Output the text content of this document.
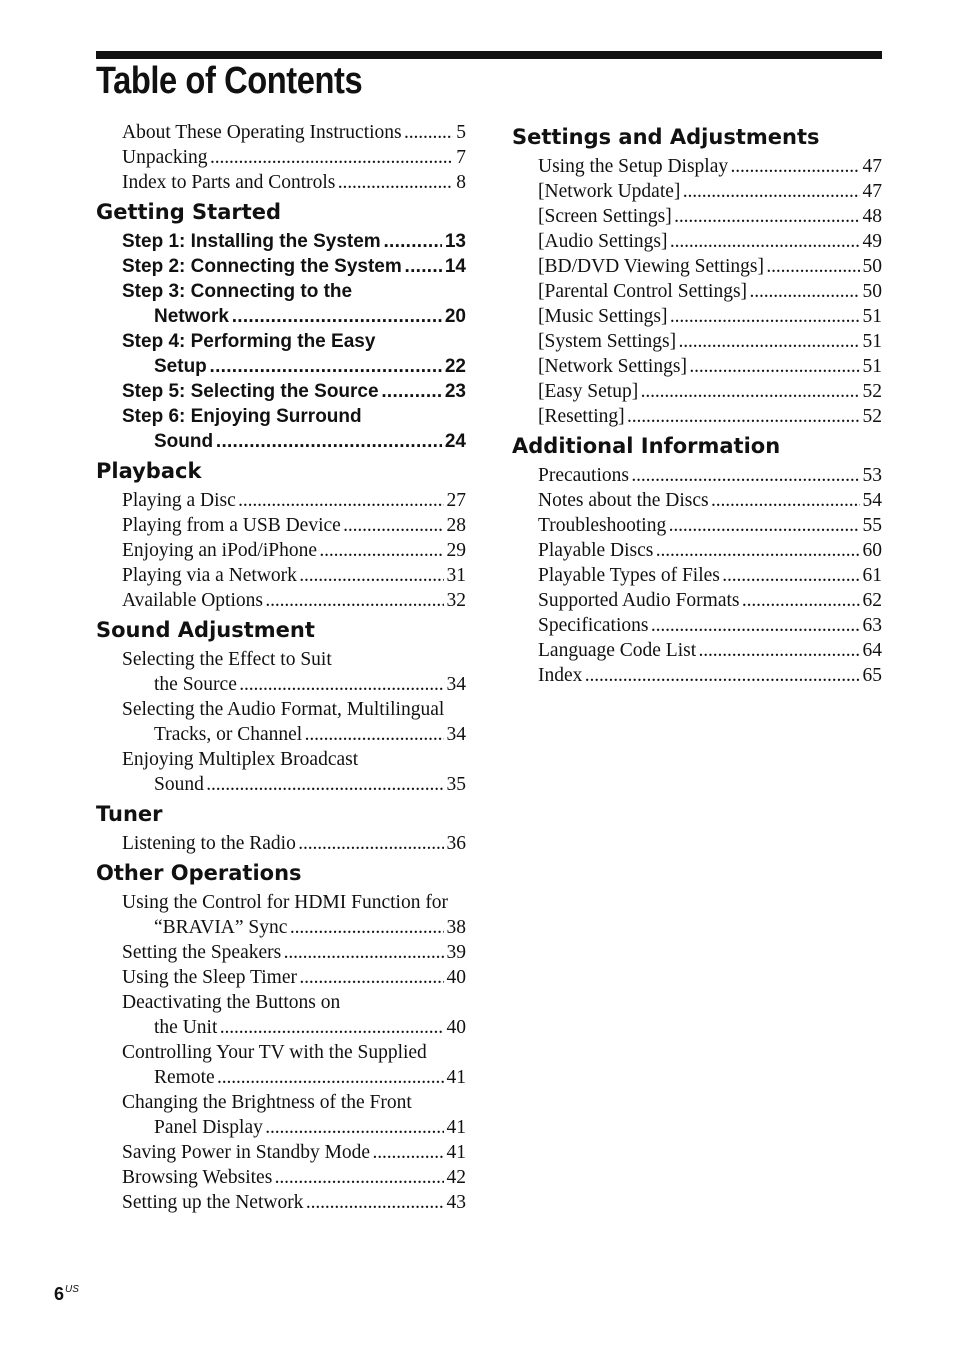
Table of Contents
About These Operating Instructions	5
. . .
Unpacking	7
. . .
Index to Parts and Controls	8
. . .
Getting Started
Step 1: Installing the System	13
. . .
Step 2: Connecting the System 14
. . .
Step 3: Connecting to the
Network	20
. . .
Step 4: Performing the Easy
Setup	22
. . .
Step 5: Selecting the Source	23
. . .
Step 6: Enjoying Surround
Sound	24
. . .
Playback
Playing a Disc	27
. . .
Playing from a USB Device	28
. . .
Enjoying an iPod/iPhone	29
. . .
Playing via a Network	31
. . .
Available Options	32
. . .
Sound Adjustment
Selecting the Effect to Suit
the Source	34
. . .
Selecting the Audio Format, Multilingual
Tracks, or Channel	34
. . .
Enjoying Multiplex Broadcast
Sound	35
. . .
Tuner
Listening to the Radio	36
. . .
Other Operations
Using the Control for HDMI Function for
“BRAVIA” Sync	38
. . .
Setting the Speakers	39
. . .
Using the Sleep Timer	40
. . .
Deactivating the Buttons on
the Unit	40
. . .
Controlling Your TV with the Supplied
Remote	41
. . .
Changing the Brightness of the Front
Panel Display	41
. . .
Saving Power in Standby Mode	41
. . .
Browsing Websites	42
. . .
Setting up the Network	43
. . .
Settings and Adjustments
Using the Setup Display	47
. . .
[Network Update]	47
. . .
[Screen Settings]	48
. . .
[Audio Settings]	49
. . .
[BD/DVD Viewing Settings]	50
. . .
[Parental Control Settings]	50
. . .
[Music Settings]	51
. . .
[System Settings]	51
. . .
[Network Settings]	51
. . .
[Easy Setup]	52
. . .
[Resetting]	52
. . .
Additional Information
Precautions	53
. . .
Notes about the Discs	54
. . .
Troubleshooting	55
. . .
Playable Discs	60
. . .
Playable Types of Files	61
. . .
Supported Audio Formats	62
. . .
Specifications	63
. . .
Language Code List	64
. . .
Index	65
. . .
$6^{US}$
